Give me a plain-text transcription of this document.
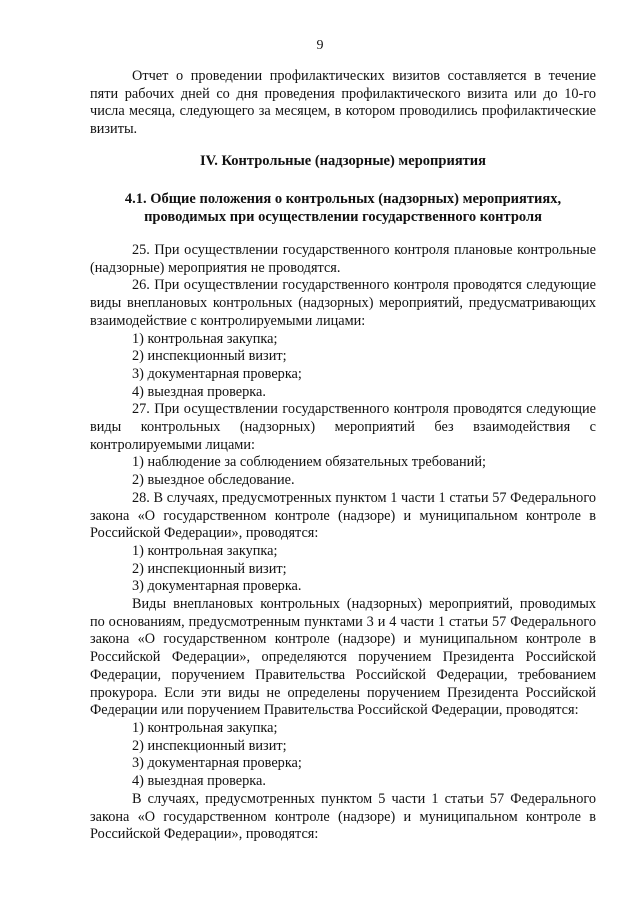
9

Отчет о проведении профилактических визитов составляется в течение пяти рабочих дней со дня проведения профилактического визита или до 10-го числа месяца, следующего за месяцем, в котором проводились профилактические визиты.

IV. Контрольные (надзорные) мероприятия
4.1. Общие положения о контрольных (надзорных) мероприятиях, проводимых при осуществлении государственного контроля

25. При осуществлении государственного контроля плановые контрольные (надзорные) мероприятия не проводятся.

26. При осуществлении государственного контроля проводятся следующие виды внеплановых контрольных (надзорных) мероприятий, предусматривающих взаимодействие с контролируемыми лицами:

1) контрольная закупка;

2) инспекционный визит;

3) документарная проверка;

4) выездная проверка.

27. При осуществлении государственного контроля проводятся следующие виды контрольных (надзорных) мероприятий без взаимодействия с контролируемыми лицами:

1) наблюдение за соблюдением обязательных требований;

2) выездное обследование.

28. В случаях, предусмотренных пунктом 1 части 1 статьи 57 Федерального закона «О государственном контроле (надзоре) и муниципальном контроле в Российской Федерации», проводятся:

1) контрольная закупка;

2) инспекционный визит;

3) документарная проверка.

Виды внеплановых контрольных (надзорных) мероприятий, проводимых по основаниям, предусмотренным пунктами 3 и 4 части 1 статьи 57 Федерального закона «О государственном контроле (надзоре) и муниципальном контроле в Российской Федерации», определяются поручением Президента Российской Федерации, поручением Правительства Российской Федерации, требованием прокурора. Если эти виды не определены поручением Президента Российской Федерации или поручением Правительства Российской Федерации, проводятся:

1) контрольная закупка;

2) инспекционный визит;

3) документарная проверка;

4) выездная проверка.

В случаях, предусмотренных пунктом 5 части 1 статьи 57 Федерального закона «О государственном контроле (надзоре) и муниципальном контроле в Российской Федерации», проводятся:
